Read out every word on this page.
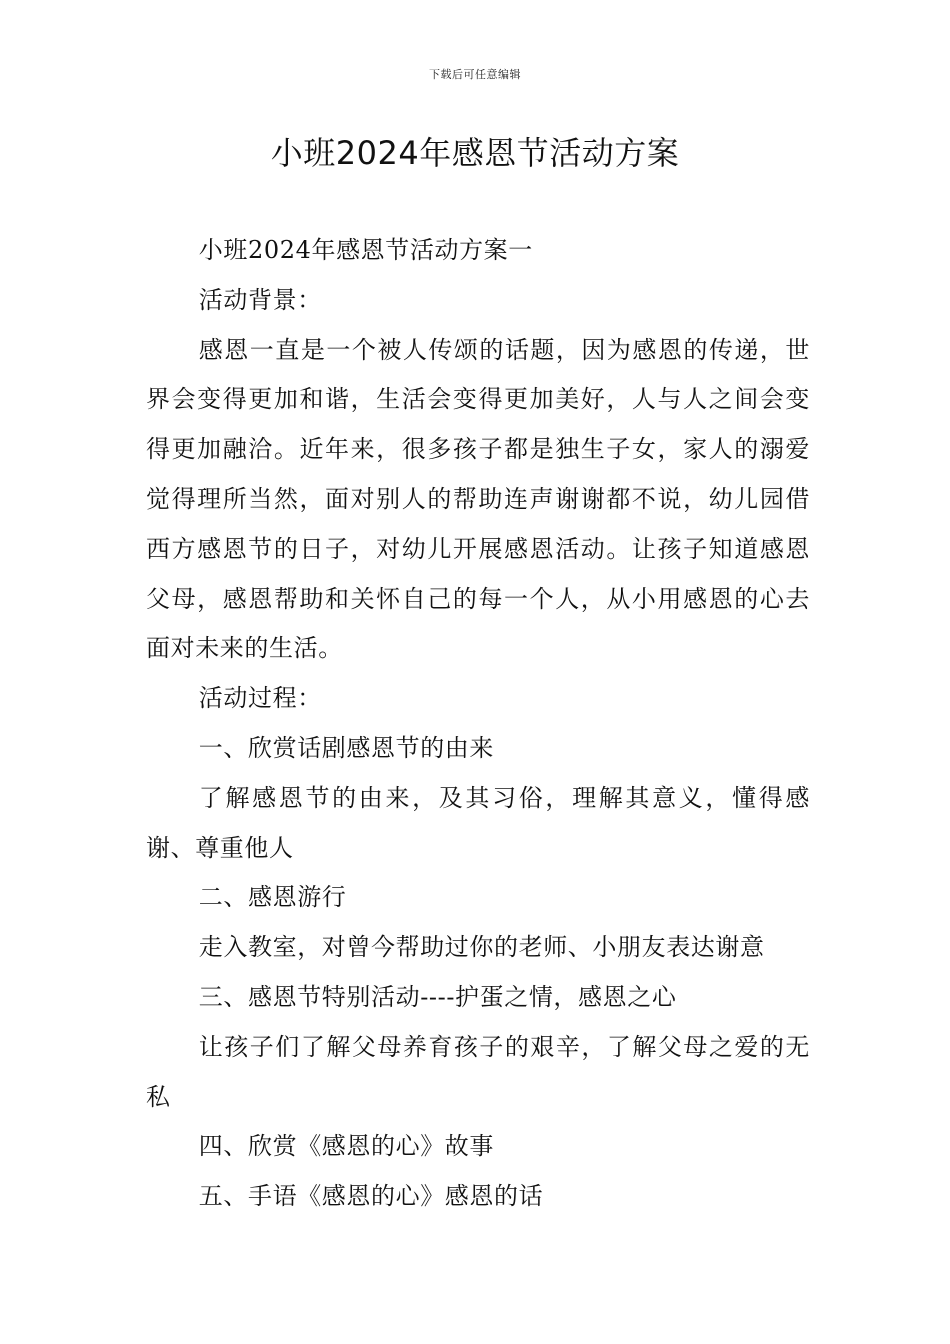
下载后可任意编辑
小班2024年感恩节活动方案

小班2024年感恩节活动方案一

活动背景：

感恩一直是一个被人传颂的话题，因为感恩的传递，世界会变得更加和谐，生活会变得更加美好，人与人之间会变得更加融洽。近年来，很多孩子都是独生子女，家人的溺爱觉得理所当然，面对别人的帮助连声谢谢都不说，幼儿园借西方感恩节的日子，对幼儿开展感恩活动。让孩子知道感恩父母，感恩帮助和关怀自己的每一个人，从小用感恩的心去面对未来的生活。

活动过程：

一、欣赏话剧感恩节的由来

了解感恩节的由来，及其习俗，理解其意义，懂得感谢、尊重他人

二、感恩游行

走入教室，对曾今帮助过你的老师、小朋友表达谢意

三、感恩节特别活动----护蛋之情，感恩之心

让孩子们了解父母养育孩子的艰辛，了解父母之爱的无私

四、欣赏《感恩的心》故事

五、手语《感恩的心》感恩的话
